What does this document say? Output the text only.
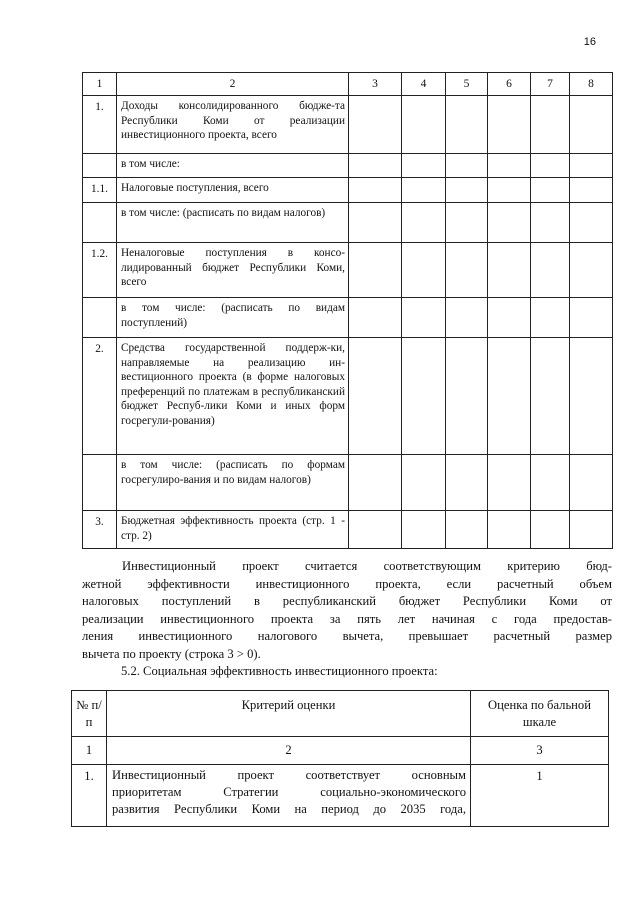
16
1	2	3	4	5	6	7	8
1.	Доходы консолидированного бюдже-та Республики Коми от реализации инвестиционного проекта, всего						
	в том числе:						
1.1.	Налоговые поступления, всего						
	в том числе: (расписать по видам налогов)						
1.2.	Неналоговые поступления в консо-лидированный бюджет Республики Коми, всего						
	в том числе: (расписать по видам поступлений)						
2.	Средства государственной поддерж-ки, направляемые на реализацию ин-вестиционного проекта (в форме налоговых преференций по платежам в республиканский бюджет Респуб-лики Коми и иных форм госрегули-рования)						
	в том числе: (расписать по формам госрегулиро-вания и по видам налогов)						
3.	Бюджетная эффективность проекта (стр. 1 - стр. 2)						
Инвестиционный проект считается соответствующим критерию бюд-
жетной эффективности инвестиционного проекта, если расчетный объем
налоговых поступлений в республиканский бюджет Республики Коми от
реализации инвестиционного проекта за пять лет начиная с года предостав-
ления инвестиционного налогового вычета, превышает расчетный размер
вычета по проекту (строка 3 > 0).
5.2. Социальная эффективность инвестиционного проекта:
№ п/п	Критерий оценки	Оценка по бальной шкале
1	2	3
1.	Инвестиционный проект соответствует основным
приоритетам Стратегии социально-экономического
развития Республики Коми на период до 2035 года,	1
